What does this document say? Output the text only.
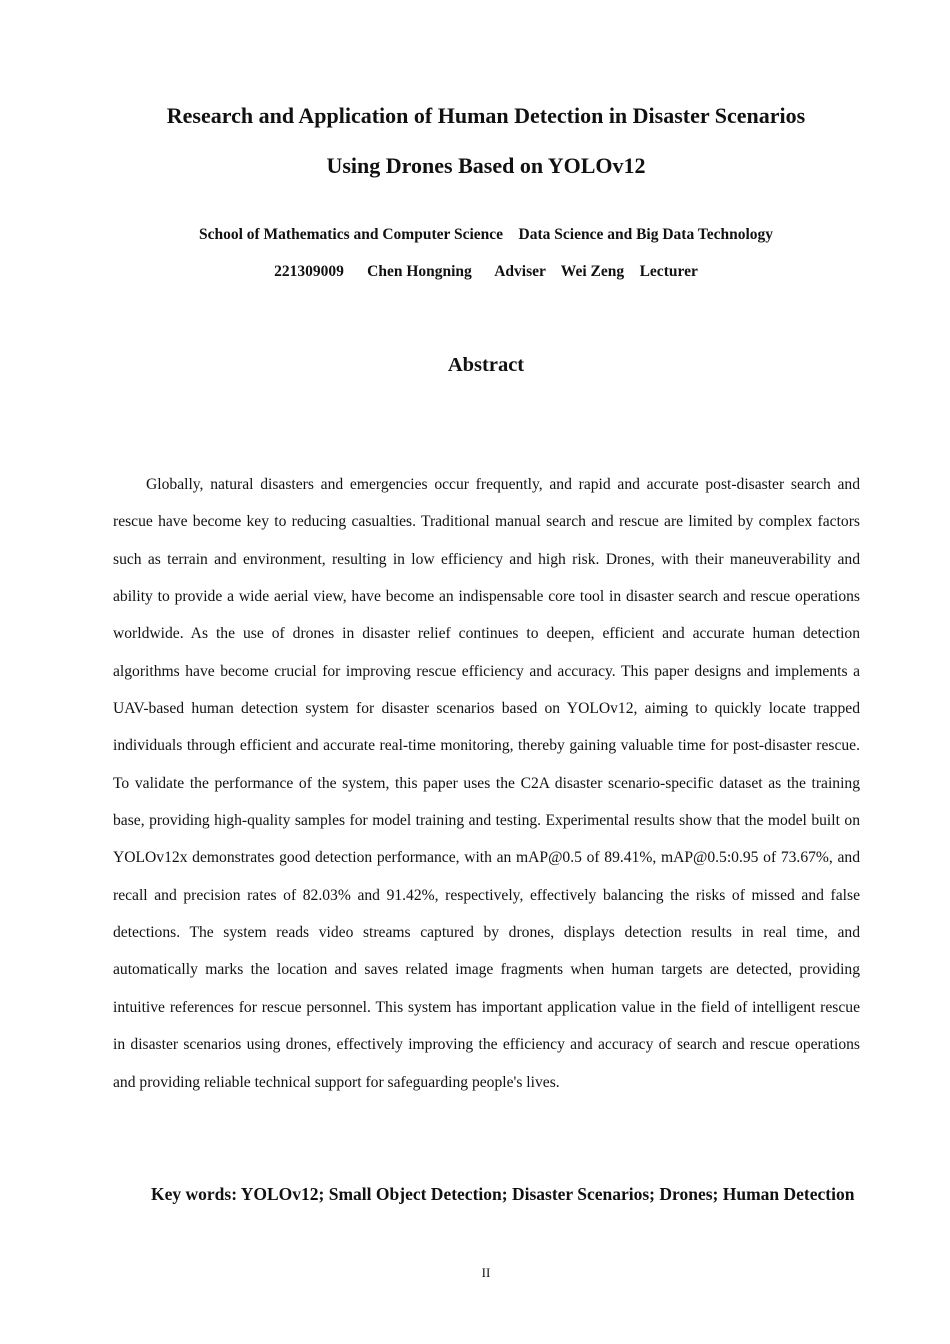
Research and Application of Human Detection in Disaster Scenarios
Using Drones Based on YOLOv12
School of Mathematics and Computer Science    Data Science and Big Data Technology
221309009      Chen Hongning      Adviser    Wei Zeng    Lecturer
Abstract

Globally, natural disasters and emergencies occur frequently, and rapid and accurate post-disaster search and rescue have become key to reducing casualties. Traditional manual search and rescue are limited by complex factors such as terrain and environment, resulting in low efficiency and high risk. Drones, with their maneuverability and ability to provide a wide aerial view, have become an indispensable core tool in disaster search and rescue operations worldwide. As the use of drones in disaster relief continues to deepen, efficient and accurate human detection algorithms have become crucial for improving rescue efficiency and accuracy. This paper designs and implements a UAV-based human detection system for disaster scenarios based on YOLOv12, aiming to quickly locate trapped individuals through efficient and accurate real-time monitoring, thereby gaining valuable time for post-disaster rescue. To validate the performance of the system, this paper uses the C2A disaster scenario-specific dataset as the training base, providing high-quality samples for model training and testing. Experimental results show that the model built on YOLOv12x demonstrates good detection performance, with an mAP@0.5 of 89.41%, mAP@0.5:0.95 of 73.67%, and recall and precision rates of 82.03% and 91.42%, respectively, effectively balancing the risks of missed and false detections. The system reads video streams captured by drones, displays detection results in real time, and automatically marks the location and saves related image fragments when human targets are detected, providing intuitive references for rescue personnel. This system has important application value in the field of intelligent rescue in disaster scenarios using drones, effectively improving the efficiency and accuracy of search and rescue operations and providing reliable technical support for safeguarding people's lives.

Key words: YOLOv12; Small Object Detection; Disaster Scenarios; Drones; Human Detection

II
